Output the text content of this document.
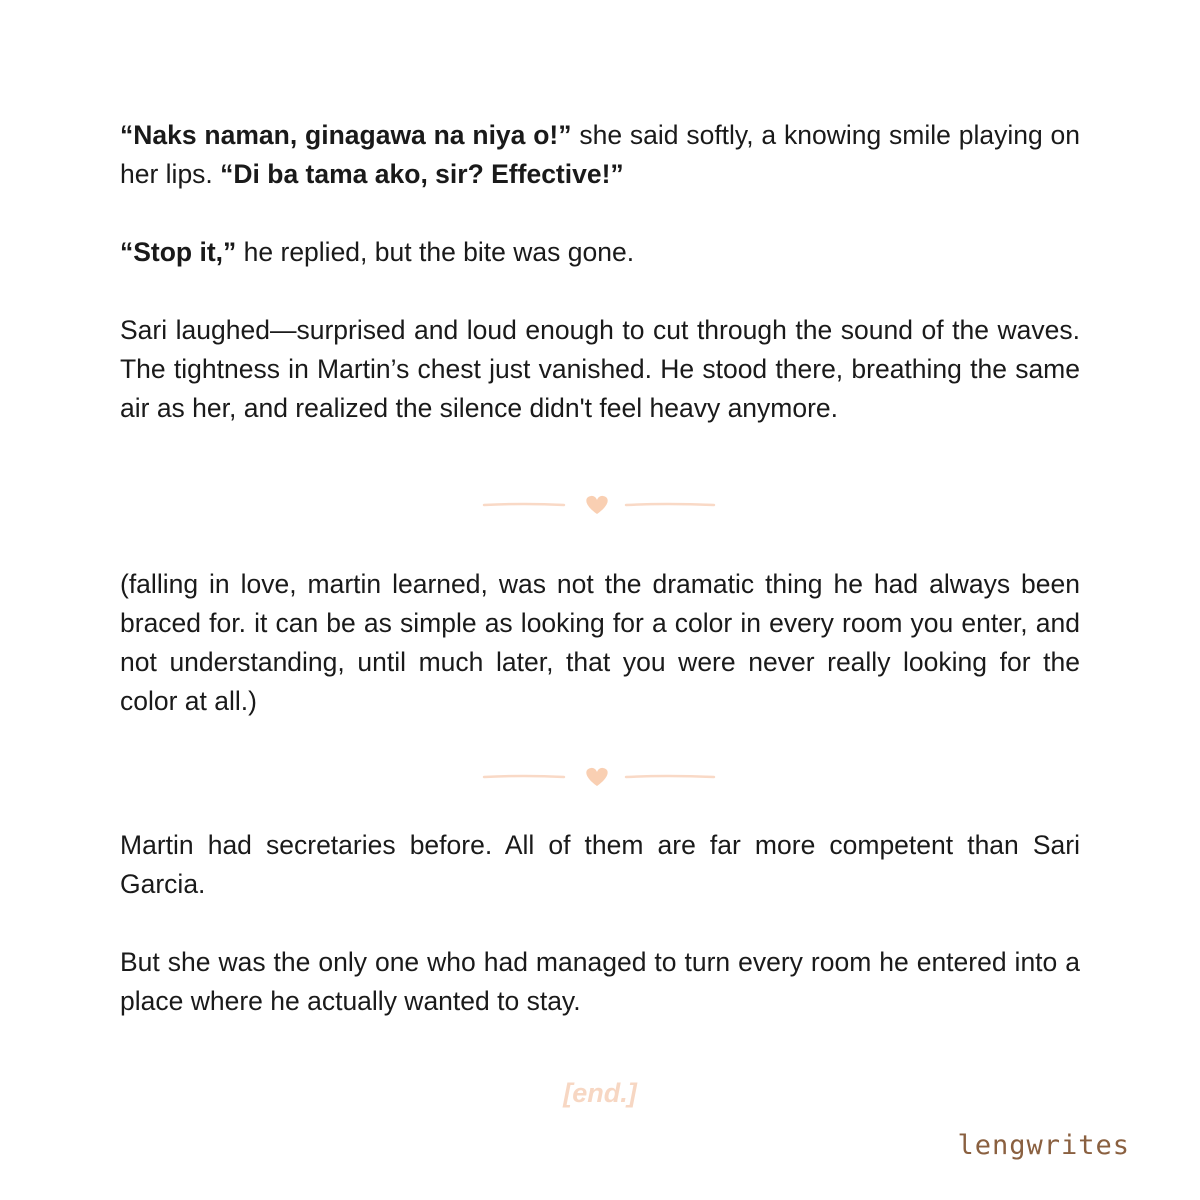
“Naks naman, ginagawa na niya o!” she said softly, a knowing smile playing on her lips. “Di ba tama ako, sir? Effective!”

“Stop it,” he replied, but the bite was gone.

Sari laughed—surprised and loud enough to cut through the sound of the waves. The tightness in Martin’s chest just vanished. He stood there, breathing the same air as her, and realized the silence didn't feel heavy anymore.

(falling in love, martin learned, was not the dramatic thing he had always been braced for. it can be as simple as looking for a color in every room you enter, and not understanding, until much later, that you were never really looking for the color at all.)

Martin had secretaries before. All of them are far more competent than Sari Garcia.

But she was the only one who had managed to turn every room he entered into a place where he actually wanted to stay.

[end.]
lengwrites
